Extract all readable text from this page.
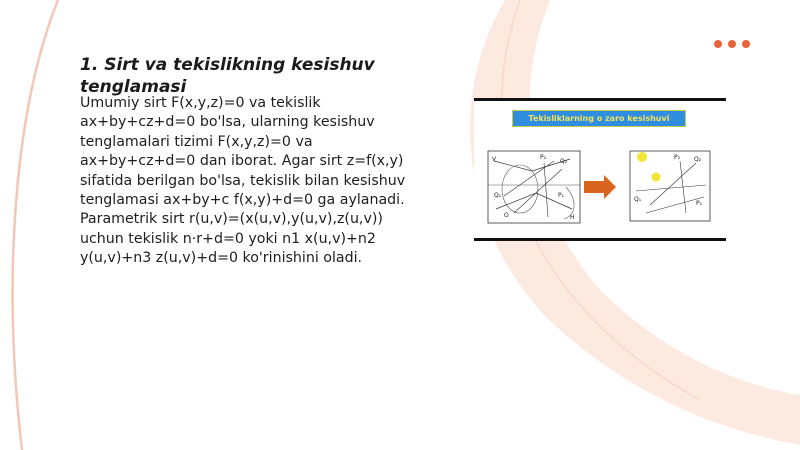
1. Sirt va tekislikning kesishuv tenglamasi

Umumiy sirt F(x,y,z)=0 va tekislik ax+by+cz+d=0 bo'lsa, ularning kesishuv tenglamalari tizimi F(x,y,z)=0 va ax+by+cz+d=0 dan iborat. Agar sirt z=f(x,y) sifatida berilgan bo'lsa, tekislik bilan kesishuv tenglamasi ax+by+c f(x,y)+d=0 ga aylanadi. Parametrik sirt r(u,v)=(x(u,v),y(u,v),z(u,v)) uchun tekislik n·r+d=0 yoki n1 x(u,v)+n2 y(u,v)+n3 z(u,v)+d=0 ko'rinishini oladi.

Tekisliklarning o zaro kesishuvi
V	P₂
Q₂
Q₁	P₁
O	H
P₂ Q₂
Q₁
P₁
